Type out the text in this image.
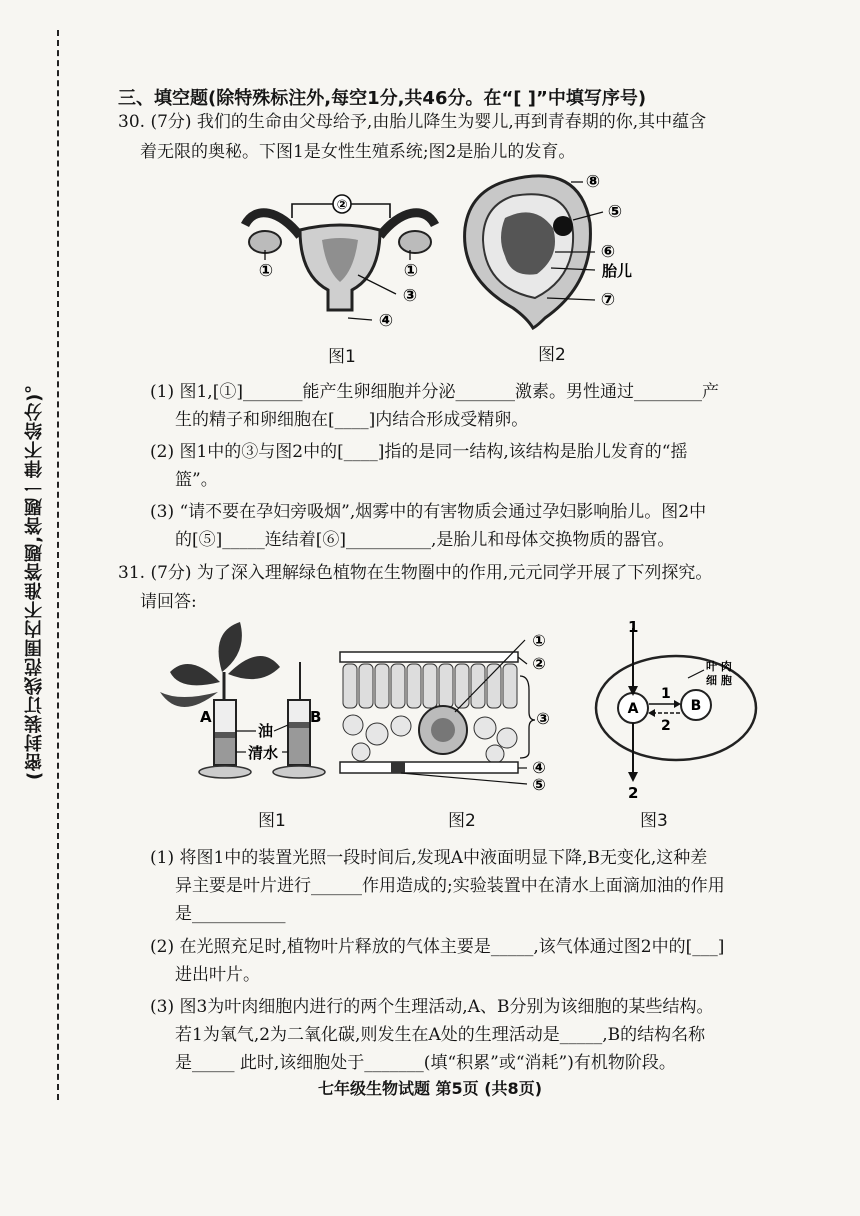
(密封装订线范围内不准答题,答题一律不给分)。
三、填空题(除特殊标注外,每空1分,共46分。在“[ ]”中填写序号)
30. (7分) 我们的生命由父母给予,由胎儿降生为婴儿,再到青春期的你,其中蕴含
着无限的奥秘。下图1是女性生殖系统;图2是胎儿的发育。
②
①	①
③
④
图1
⑧
⑤
⑥
胎儿
⑦
图2
(1) 图1,[①]_______能产生卵细胞并分泌_______激素。男性通过________产
生的精子和卵细胞在[____]内结合形成受精卵。
(2) 图1中的③与图2中的[____]指的是同一结构,该结构是胎儿发育的“摇
篮”。
(3) “请不要在孕妇旁吸烟”,烟雾中的有害物质会通过孕妇影响胎儿。图2中
的[⑤]_____连结着[⑥]__________,是胎儿和母体交换物质的器官。
31. (7分) 为了深入理解绿色植物在生物圈中的作用,元元同学开展了下列探究。
请回答:
A	B
油
清水
图1
①
②
③
④
⑤
图2
1
2
1
2
A	B
叶 肉
细 胞
图3
(1) 将图1中的装置光照一段时间后,发现A中液面明显下降,B无变化,这种差
异主要是叶片进行______作用造成的;实验装置中在清水上面滴加油的作用
是___________
(2) 在光照充足时,植物叶片释放的气体主要是_____,该气体通过图2中的[___]
进出叶片。
(3) 图3为叶肉细胞内进行的两个生理活动,A、B分别为该细胞的某些结构。
若1为氧气,2为二氧化碳,则发生在A处的生理活动是_____,B的结构名称
是_____ 此时,该细胞处于_______(填“积累”或“消耗”)有机物阶段。
七年级生物试题 第5页 (共8页)
